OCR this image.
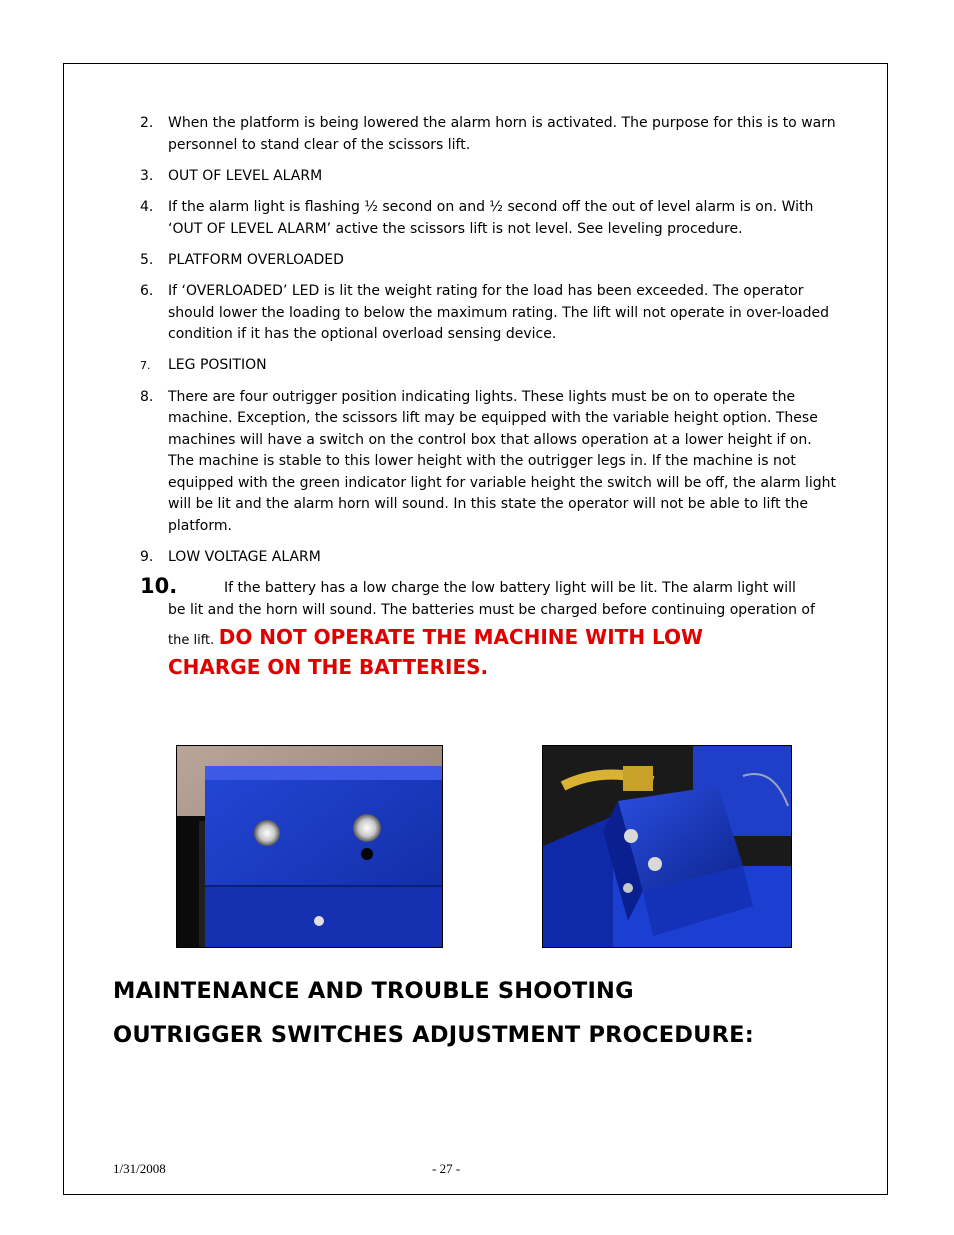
2. When the platform is being lowered the alarm horn is activated. The purpose for this is to warn personnel to stand clear of the scissors lift.
3. OUT OF LEVEL ALARM
4. If the alarm light is flashing ½ second on and ½ second off the out of level alarm is on. With ‘OUT OF LEVEL ALARM’ active the scissors lift is not level. See leveling procedure.
5. PLATFORM OVERLOADED
6. If ‘OVERLOADED’ LED is lit the weight rating for the load has been exceeded. The operator should lower the loading to below the maximum rating. The lift will not operate in over-loaded condition if it has the optional overload sensing device.
7. LEG POSITION
8. There are four outrigger position indicating lights. These lights must be on to operate the machine. Exception, the scissors lift may be equipped with the variable height option. These machines will have a switch on the control box that allows operation at a lower height if on. The machine is stable to this lower height with the outrigger legs in. If the machine is not equipped with the green indicator light for variable height the switch will be off, the alarm light will be lit and the alarm horn will sound. In this state the operator will not be able to lift the platform.
9. LOW VOLTAGE ALARM
10.	If the battery has a low charge the low battery light will be lit. The alarm light will
be lit and the horn will sound. The batteries must be charged before continuing operation of
the lift. DO NOT OPERATE THE MACHINE WITH LOW
CHARGE ON THE BATTERIES.
MAINTENANCE AND TROUBLE SHOOTING
OUTRIGGER SWITCHES ADJUSTMENT PROCEDURE:
1/31/2008	- 27 -
